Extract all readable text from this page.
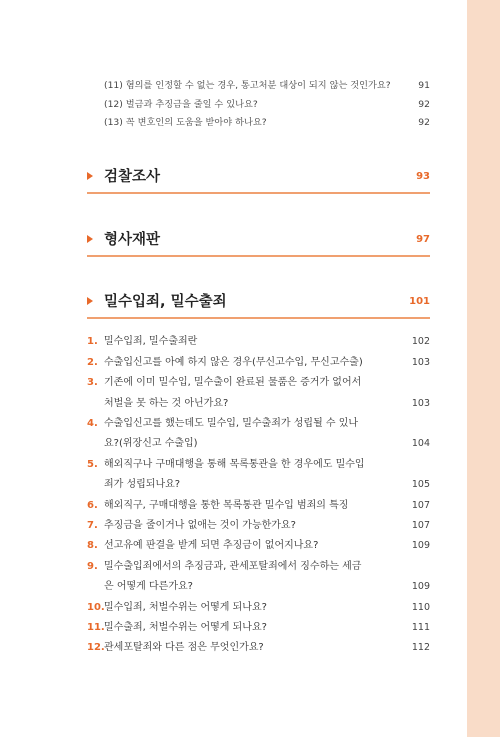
(11) 혐의를 인정할 수 없는 경우, 통고처분 대상이 되지 않는 것인가요?	91
(12) 벌금과 추징금을 줄일 수 있나요?	92
(13) 꼭 변호인의 도움을 받아야 하나요?	92
검찰조사	93
형사재판	97
밀수입죄, 밀수출죄	101
1. 밀수입죄, 밀수출죄란	102
2. 수출입신고를 아예 하지 않은 경우(무신고수입, 무신고수출)	103
3. 기존에 이미 밀수입, 밀수출이 완료된 물품은 증거가 없어서
처벌을 못 하는 것 아닌가요?	103
4. 수출입신고를 했는데도 밀수입, 밀수출죄가 성립될 수 있나
요?(위장신고 수출입)	104
5. 해외직구나 구매대행을 통해 목록통관을 한 경우에도 밀수입
죄가 성립되나요?	105
6. 해외직구, 구매대행을 통한 목록통관 밀수입 범죄의 특징	107
7. 추징금을 줄이거나 없애는 것이 가능한가요?	107
8. 선고유예 판결을 받게 되면 추징금이 없어지나요?	109
9. 밀수출입죄에서의 추징금과, 관세포탈죄에서 징수하는 세금
은 어떻게 다른가요?	109
10. 밀수입죄, 처벌수위는 어떻게 되나요?	110
11. 밀수출죄, 처벌수위는 어떻게 되나요?	111
12. 관세포탈죄와 다른 점은 무엇인가요?	112
